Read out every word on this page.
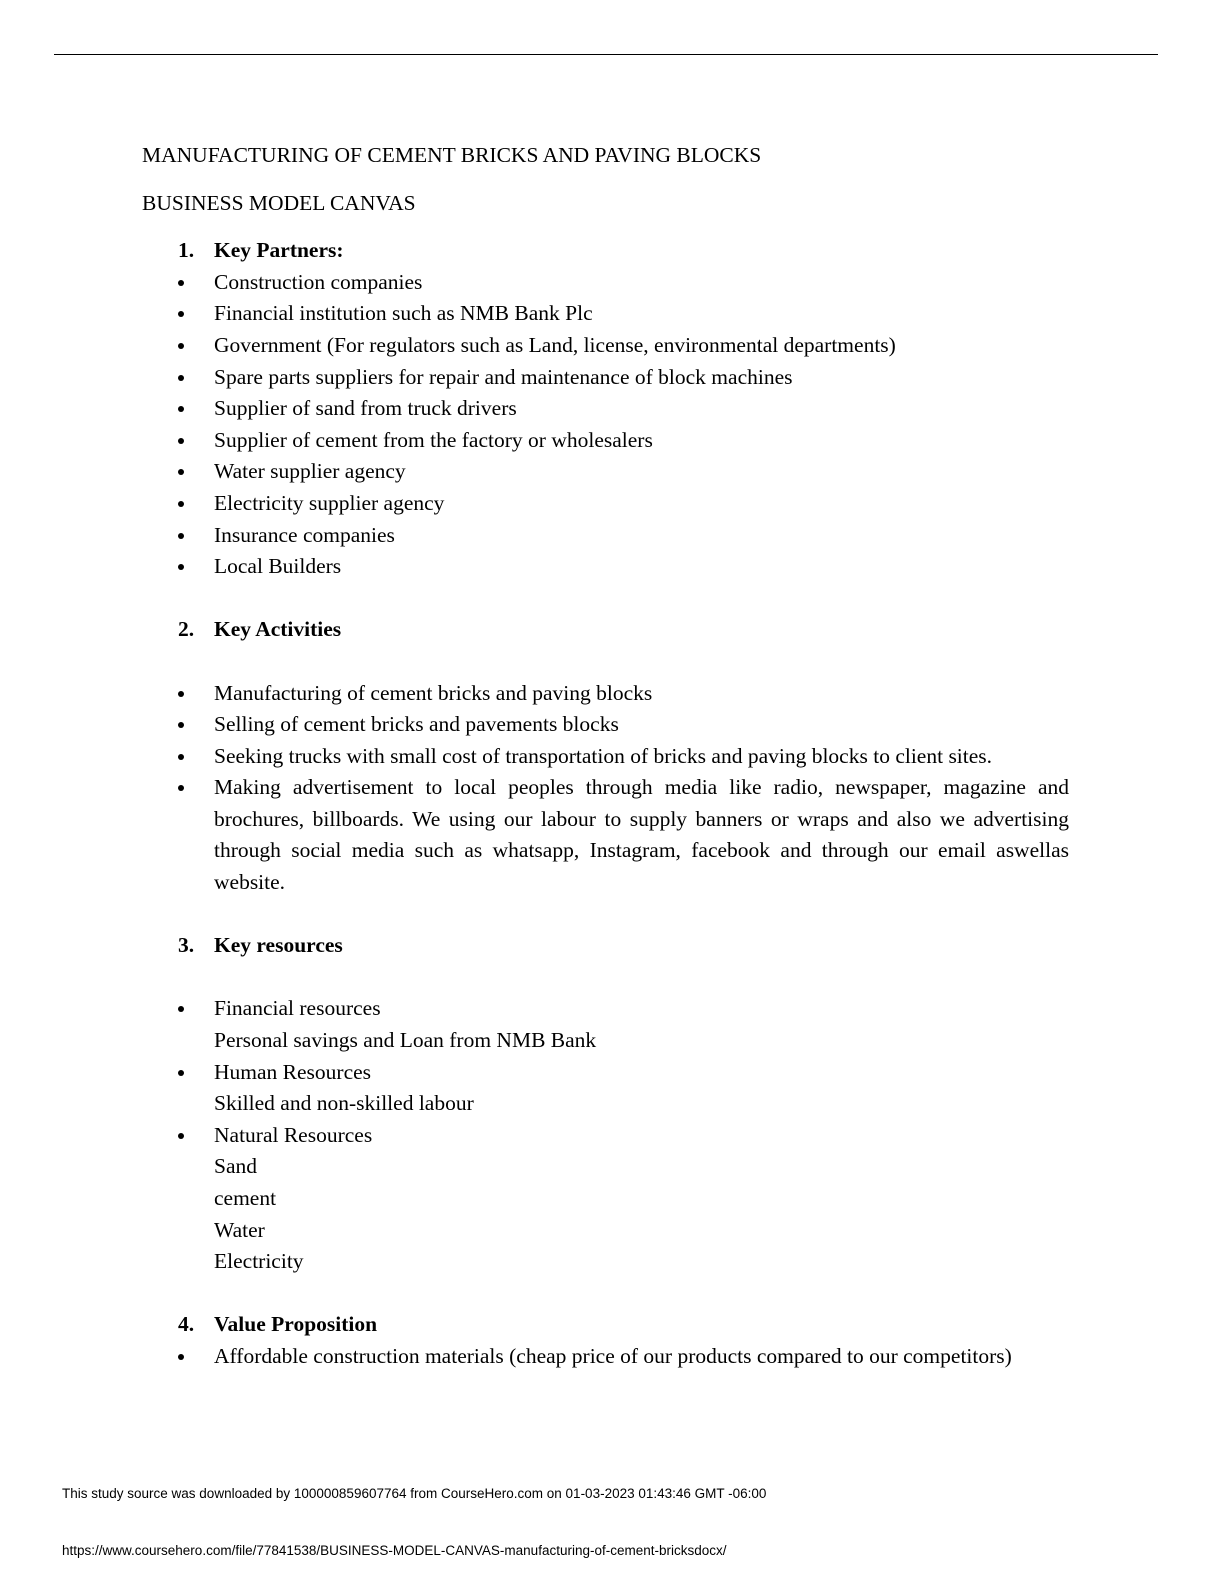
MANUFACTURING OF CEMENT BRICKS AND PAVING BLOCKS

BUSINESS MODEL CANVAS

1. Key Partners:
Construction companies
Financial institution such as NMB Bank Plc
Government (For regulators such as Land, license, environmental departments)
Spare parts suppliers for repair and maintenance of block machines
Supplier of sand from truck drivers
Supplier of cement from the factory or wholesalers
Water supplier agency
Electricity supplier agency
Insurance companies
Local Builders
2. Key Activities
Manufacturing of cement bricks and paving blocks
Selling of cement bricks and pavements blocks
Seeking trucks with small cost of transportation of bricks and paving blocks to client sites.
Making advertisement to local peoples through media like radio, newspaper, magazine and brochures, billboards. We using our labour to supply banners or wraps and also we advertising through social media such as whatsapp, Instagram, facebook and through our email aswellas website.
3. Key resources
Financial resources
Personal savings and Loan from NMB Bank
Human Resources
Skilled and non-skilled labour
Natural Resources
Sand
cement
Water
Electricity
4. Value Proposition
Affordable construction materials (cheap price of our products compared to our competitors)
This study source was downloaded by 100000859607764 from CourseHero.com on 01-03-2023 01:43:46 GMT -06:00
https://www.coursehero.com/file/77841538/BUSINESS-MODEL-CANVAS-manufacturing-of-cement-bricksdocx/
